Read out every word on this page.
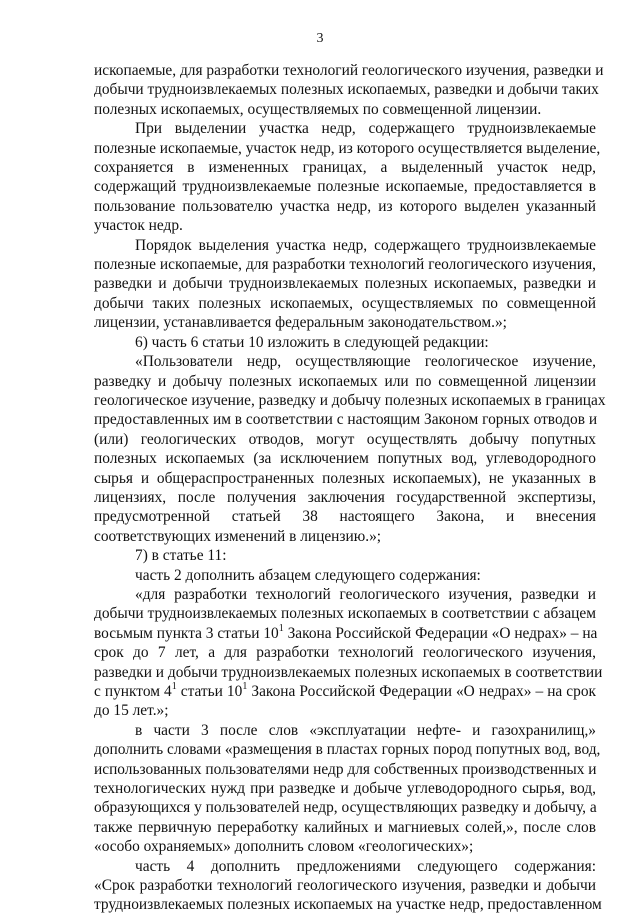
3
ископаемые, для разработки технологий геологического изучения, разведки и
добычи трудноизвлекаемых полезных ископаемых, разведки и добычи таких
полезных ископаемых, осуществляемых по совмещенной лицензии.
При выделении участка недр, содержащего трудноизвлекаемые
полезные ископаемые, участок недр, из которого осуществляется выделение,
сохраняется в измененных границах, а выделенный участок недр,
содержащий трудноизвлекаемые полезные ископаемые, предоставляется в
пользование пользователю участка недр, из которого выделен указанный
участок недр.
Порядок выделения участка недр, содержащего трудноизвлекаемые
полезные ископаемые, для разработки технологий геологического изучения,
разведки и добычи трудноизвлекаемых полезных ископаемых, разведки и
добычи таких полезных ископаемых, осуществляемых по совмещенной
лицензии, устанавливается федеральным законодательством.»;
6) часть 6 статьи 10 изложить в следующей редакции:
«Пользователи недр, осуществляющие геологическое изучение,
разведку и добычу полезных ископаемых или по совмещенной лицензии
геологическое изучение, разведку и добычу полезных ископаемых в границах
предоставленных им в соответствии с настоящим Законом горных отводов и
(или) геологических отводов, могут осуществлять добычу попутных
полезных ископаемых (за исключением попутных вод, углеводородного
сырья и общераспространенных полезных ископаемых), не указанных в
лицензиях, после получения заключения государственной экспертизы,
предусмотренной статьей 38 настоящего Закона, и внесения
соответствующих изменений в лицензию.»;
7) в статье 11:
часть 2 дополнить абзацем следующего содержания:
«для разработки технологий геологического изучения, разведки и
добычи трудноизвлекаемых полезных ископаемых в соответствии с абзацем
восьмым пункта 3 статьи $10^1$ Закона Российской Федерации «О недрах» – на
срок до 7 лет, а для разработки технологий геологического изучения,
разведки и добычи трудноизвлекаемых полезных ископаемых в соответствии
с пунктом $4^1$ статьи $10^1$ Закона Российской Федерации «О недрах» – на срок
до 15 лет.»;
в части 3 после слов «эксплуатации нефте- и газохранилищ,»
дополнить словами «размещения в пластах горных пород попутных вод, вод,
использованных пользователями недр для собственных производственных и
технологических нужд при разведке и добыче углеводородного сырья, вод,
образующихся у пользователей недр, осуществляющих разведку и добычу, а
также первичную переработку калийных и магниевых солей,», после слов
«особо охраняемых» дополнить словом «геологических»;
часть 4 дополнить предложениями следующего содержания:
«Срок разработки технологий геологического изучения, разведки и добычи
трудноизвлекаемых полезных ископаемых на участке недр, предоставленном
